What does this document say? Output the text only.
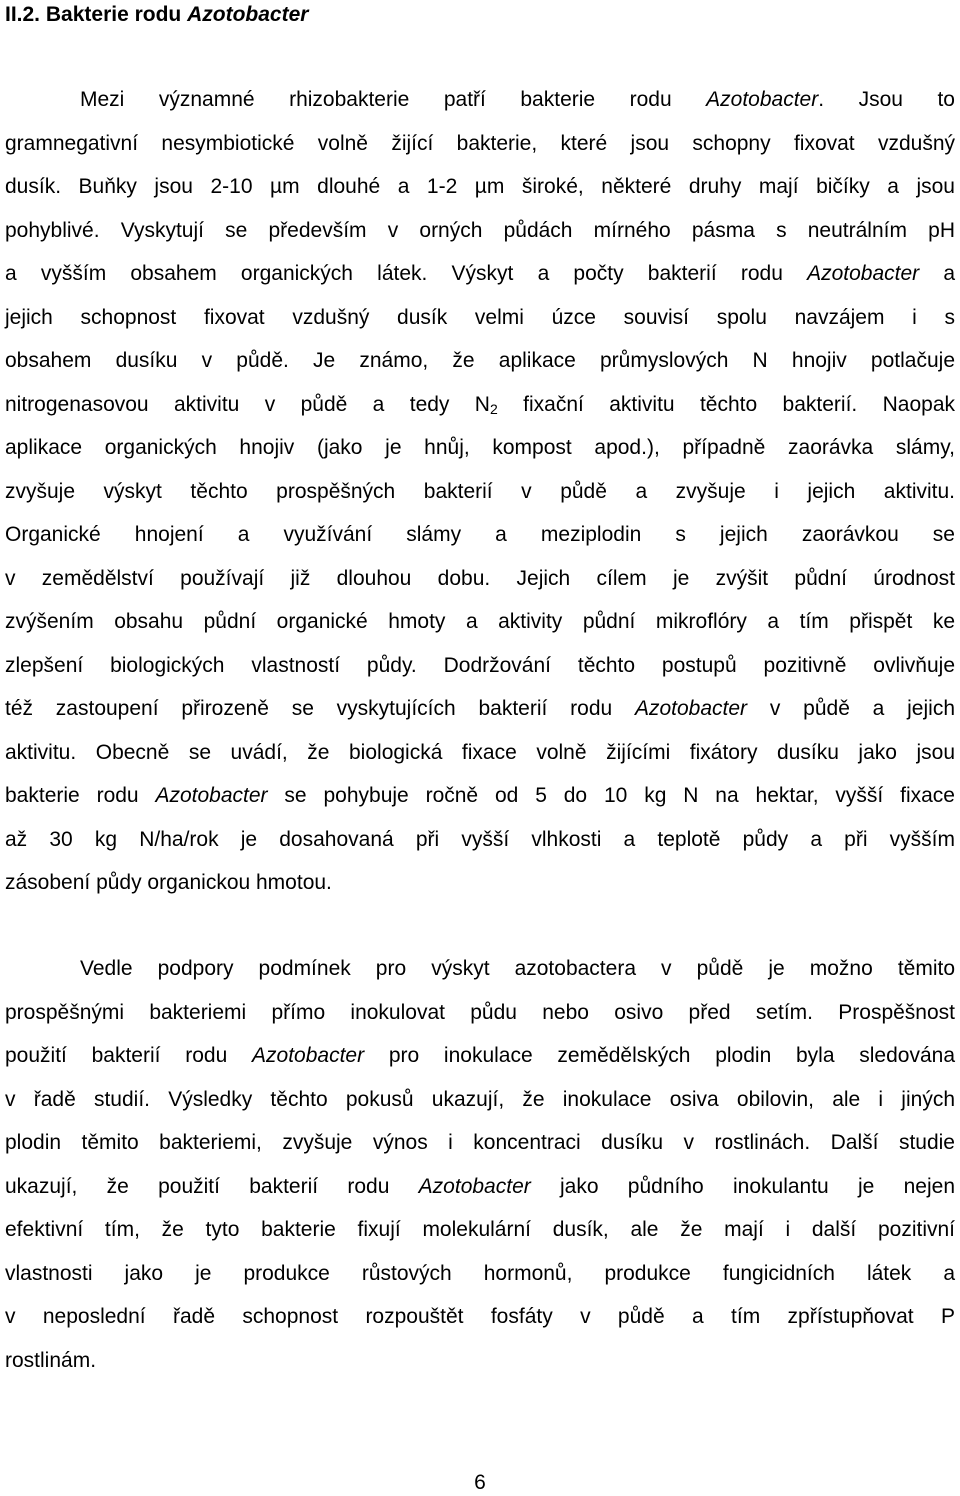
II.2. Bakterie rodu Azotobacter
Mezi významné rhizobakterie patří bakterie rodu Azotobacter. Jsou to
gramnegativní nesymbiotické volně žijící bakterie, které jsou schopny fixovat vzdušný
dusík. Buňky jsou 2-10 µm dlouhé a 1-2 µm široké, některé druhy mají bičíky a jsou
pohyblivé. Vyskytují se především v orných půdách mírného pásma s neutrálním pH
a vyšším obsahem organických látek. Výskyt a počty bakterií rodu Azotobacter a
jejich schopnost fixovat vzdušný dusík velmi úzce souvisí spolu navzájem i s
obsahem dusíku v půdě. Je známo, že aplikace průmyslových N hnojiv potlačuje
nitrogenasovou aktivitu v půdě a tedy $N_2$ fixační aktivitu těchto bakterií. Naopak
aplikace organických hnojiv (jako je hnůj, kompost apod.), případně zaorávka slámy,
zvyšuje výskyt těchto prospěšných bakterií v půdě a zvyšuje i jejich aktivitu.
Organické hnojení a využívání slámy a meziplodin s jejich zaorávkou se
v zemědělství používají již dlouhou dobu. Jejich cílem je zvýšit půdní úrodnost
zvýšením obsahu půdní organické hmoty a aktivity půdní mikroflóry a tím přispět ke
zlepšení biologických vlastností půdy. Dodržování těchto postupů pozitivně ovlivňuje
též zastoupení přirozeně se vyskytujících bakterií rodu Azotobacter v půdě a jejich
aktivitu. Obecně se uvádí, že biologická fixace volně žijícími fixátory dusíku jako jsou
bakterie rodu Azotobacter se pohybuje ročně od 5 do 10 kg N na hektar, vyšší fixace
až 30 kg N/ha/rok je dosahovaná při vyšší vlhkosti a teplotě půdy a při vyšším
zásobení půdy organickou hmotou.
Vedle podpory podmínek pro výskyt azotobactera v půdě je možno těmito
prospěšnými bakteriemi přímo inokulovat půdu nebo osivo před setím. Prospěšnost
použití bakterií rodu Azotobacter pro inokulace zemědělských plodin byla sledována
v řadě studií. Výsledky těchto pokusů ukazují, že inokulace osiva obilovin, ale i jiných
plodin těmito bakteriemi, zvyšuje výnos i koncentraci dusíku v rostlinách. Další studie
ukazují, že použití bakterií rodu Azotobacter jako půdního inokulantu je nejen
efektivní tím, že tyto bakterie fixují molekulární dusík, ale že mají i další pozitivní
vlastnosti jako je produkce růstových hormonů, produkce fungicidních látek a
v neposlední řadě schopnost rozpouštět fosfáty v půdě a tím zpřístupňovat P
rostlinám.
6
